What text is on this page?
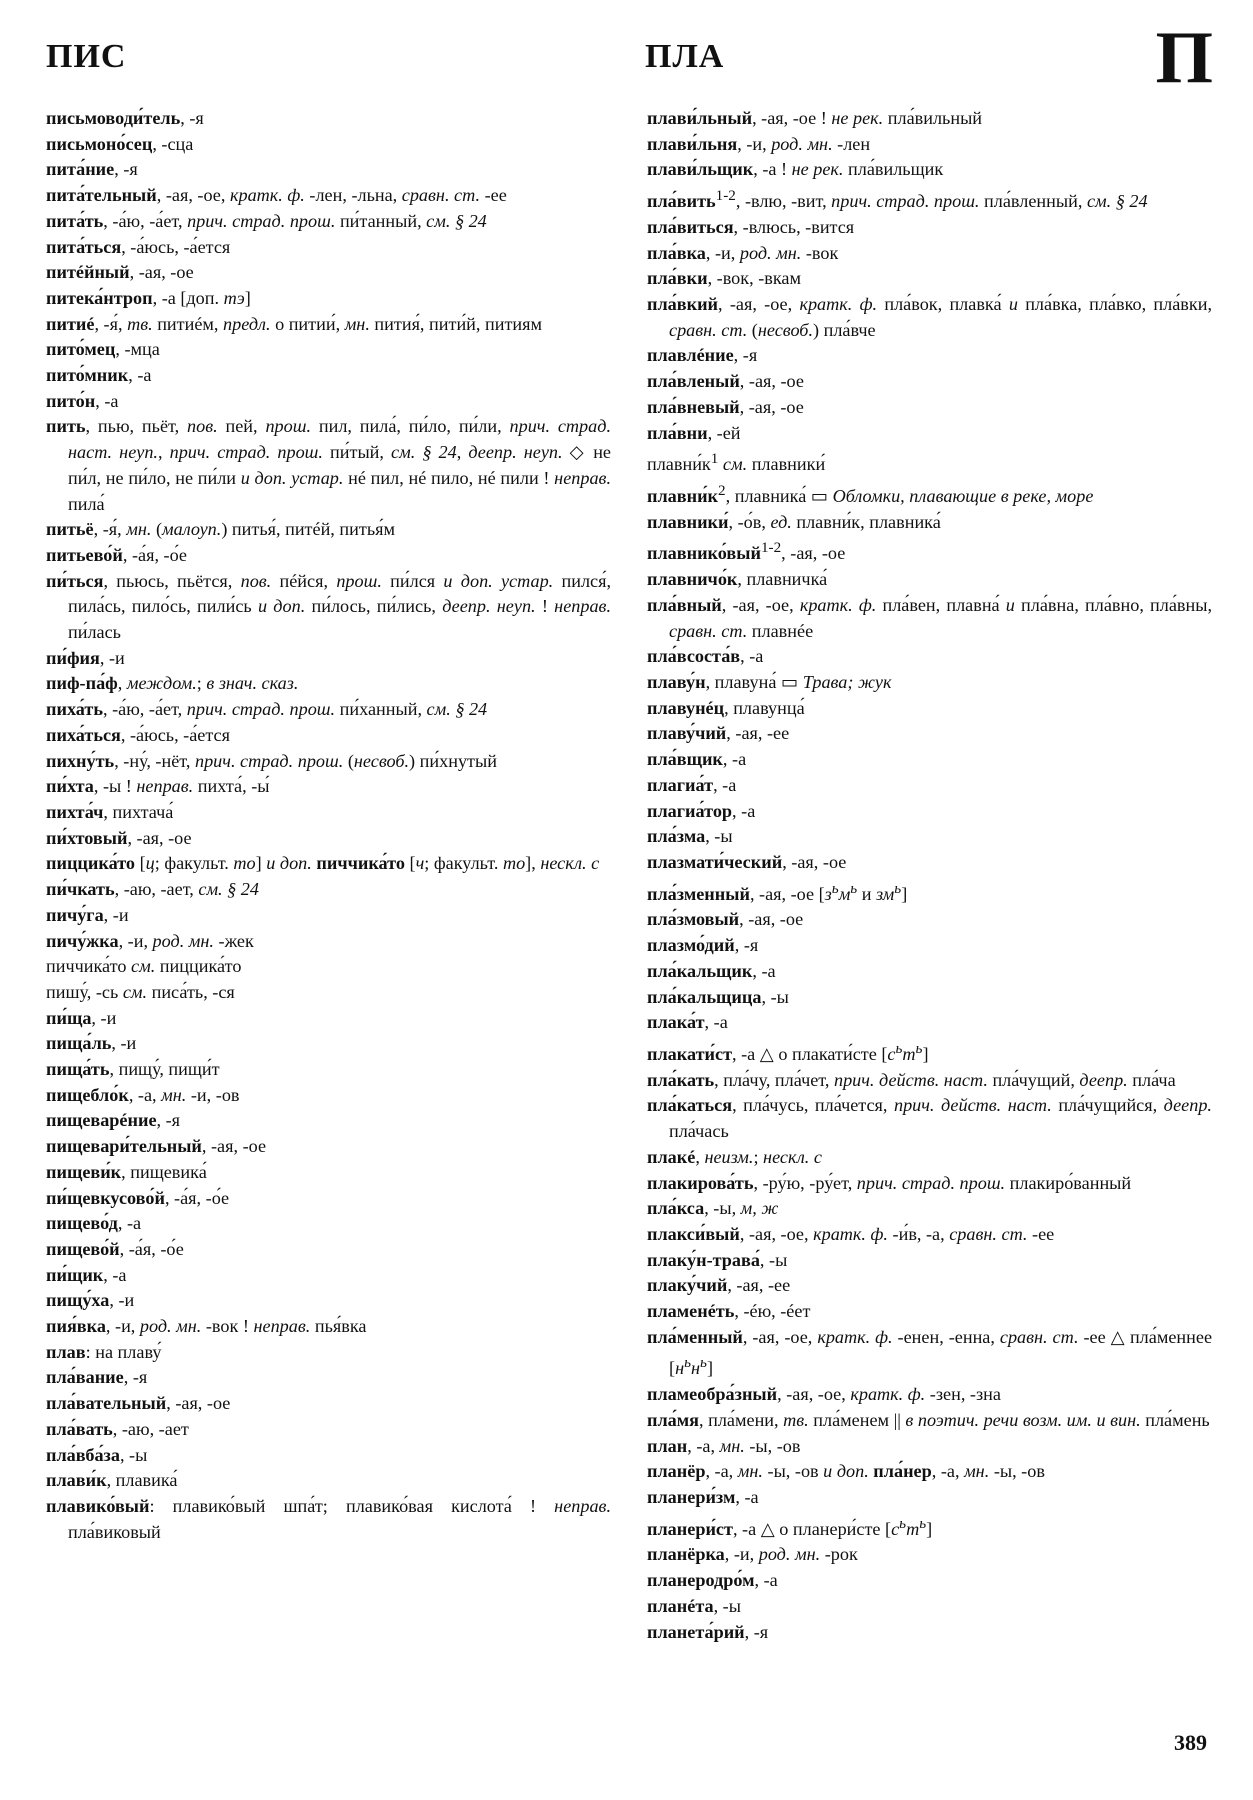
ПИС	ПЛА	П
письмоводи́тель, -я
письмоно́сец, -сца
пита́ние, -я
пита́тельный, -ая, -ое, кратк. ф. -лен, -льна, сравн. ст. -ее
пита́ть, -а́ю, -а́ет, прич. страд. прош. пи́танный, см. § 24
пита́ться, -а́юсь, -а́ется
питéйный, -ая, -ое
питека́нтроп, -а [доп. тэ]
питиé, -я́, тв. питиéм, предл. о питии́, мн. пития́, пити́й, питиям
пито́мец, -мца
пито́мник, -а
пито́н, -а
пить, пью, пьёт, пов. пей, прош. пил, пила́, пи́ло, пи́ли, прич. страд. наст. неуп., прич. страд. прош. пи́тый, см. § 24, деепр. неуп. ◇ не пи́л, не пи́ло, не пи́ли и доп. устар. нé пил, нé пило, нé пили ! неправ. пила́
питьё, -я́, мн. (малоуп.) питья́, питéй, питья́м
питьево́й, -а́я, -о́е
пи́ться, пьюсь, пьётся, пов. пéйся, прош. пи́лся и доп. устар. пился́, пила́сь, пило́сь, пили́сь и доп. пи́лось, пи́лись, деепр. неуп. ! неправ. пи́лась
пи́фия, -и
пиф-па́ф, междом.; в знач. сказ.
пиха́ть, -а́ю, -а́ет, прич. страд. прош. пи́ханный, см. § 24
пиха́ться, -а́юсь, -а́ется
пихну́ть, -ну́, -нёт, прич. страд. прош. (несвоб.) пи́хнутый
пи́хта, -ы ! неправ. пихта́, -ы́
пихта́ч, пихтача́
пи́хтовый, -ая, -ое
пиццика́то [ц; факульт. то] и доп. пиччика́то [ч; факульт. то], нескл. с
пи́чкать, -аю, -ает, см. § 24
пичу́га, -и
пичу́жка, -и, род. мн. -жек
пиччика́то см. пиццика́то
пишу́, -сь см. писа́ть, -ся
пи́ща, -и
пища́ль, -и
пища́ть, пищу́, пищи́т
пищебло́к, -а, мн. -и, -ов
пищеварéние, -я
пищевари́тельный, -ая, -ое
пищеви́к, пищевика́
пи́щевкусово́й, -а́я, -о́е
пищево́д, -а
пищево́й, -а́я, -о́е
пи́щик, -а
пищу́ха, -и
пия́вка, -и, род. мн. -вок ! неправ. пья́вка
плав: на плаву́
пла́вание, -я
пла́вательный, -ая, -ое
пла́вать, -аю, -ает
пла́вба́за, -ы
плави́к, плавика́
плавико́вый: плавико́вый шпа́т; плавико́вая кислота́ ! неправ. пла́виковый
плави́льный, -ая, -ое ! не рек. пла́вильный
плави́льня, -и, род. мн. -лен
плави́льщик, -а ! не рек. пла́вильщик
пла́вить$^{1-2}$, -влю, -вит, прич. страд. прош. пла́вленный, см. § 24
пла́виться, -влюсь, -вится
пла́вка, -и, род. мн. -вок
пла́вки, -вок, -вкам
пла́вкий, -ая, -ое, кратк. ф. пла́вок, плавка́ и пла́вка, пла́вко, пла́вки, сравн. ст. (несвоб.) пла́вче
плавлéние, -я
пла́вленый, -ая, -ое
пла́вневый, -ая, -ое
пла́вни, -ей
$плавни́к^1$ см. плавники́
$плавни́к^2$, плавника́ ▭ Обломки, плавающие в реке, море
плавники́, -о́в, ед. плавни́к, плавника́
плавнико́вый$^{1-2}$, -ая, -ое
плавничо́к, плавничка́
пла́вный, -ая, -ое, кратк. ф. пла́вен, плавна́ и пла́вна, пла́вно, пла́вны, сравн. ст. плавнéе
пла́всоста́в, -а
плаву́н, плавуна́ ▭ Трава; жук
плавунéц, плавунца́
плаву́чий, -ая, -ее
пла́вщик, -а
плагиа́т, -а
плагиа́тор, -а
пла́зма, -ы
плазмати́ческий, -ая, -ое
пла́зменный, -ая, -ое [$з^ьм^ь$ и $зм^ь$]
пла́змовый, -ая, -ое
плазмо́дий, -я
пла́кальщик, -а
пла́кальщица, -ы
плака́т, -а
плакати́ст, -а △ о плакати́сте $[с^ьт^ь]$
пла́кать, пла́чу, пла́чет, прич. действ. наст. пла́чущий, деепр. пла́ча
пла́каться, пла́чусь, пла́чется, прич. действ. наст. пла́чущийся, деепр. пла́чась
плакé, неизм.; нескл. с
плакирова́ть, -ру́ю, -ру́ет, прич. страд. прош. плакиро́ванный
пла́кса, -ы, м, ж
плакси́вый, -ая, -ое, кратк. ф. -и́в, -а, сравн. ст. -ее
плаку́н-трава́, -ы
плаку́чий, -ая, -ее
пламенéть, -éю, -éет
пла́менный, -ая, -ое, кратк. ф. -енен, -енна, сравн. ст. -ее △ пла́меннее $[н^ьн^ь]$
пламеобра́зный, -ая, -ое, кратк. ф. -зен, -зна
пла́мя, пла́мени, тв. пла́менем || в поэтич. речи возм. им. и вин. пла́мень
план, -а, мн. -ы, -ов
планёр, -а, мн. -ы, -ов и доп. пла́нер, -а, мн. -ы, -ов
планери́зм, -а
планери́ст, -а △ о планери́сте $[с^ьт^ь]$
планёрка, -и, род. мн. -рок
планеродро́м, -а
планéта, -ы
планета́рий, -я
389
